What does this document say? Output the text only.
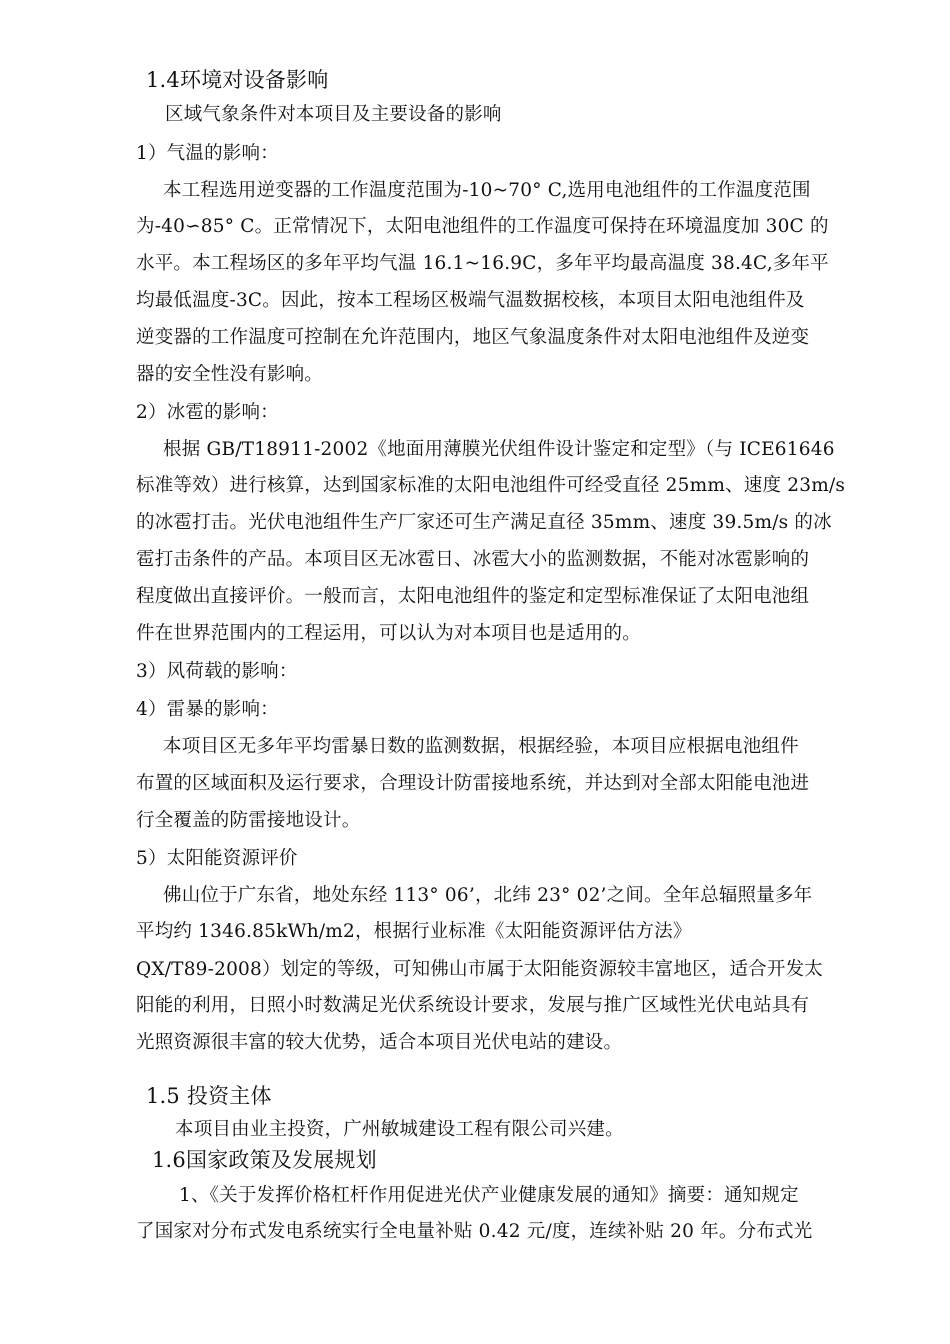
1.4环境对设备影响
区域气象条件对本项目及主要设备的影响
1）气温的影响：
本工程选用逆变器的工作温度范围为-10~70° C,选用电池组件的工作温度范围
为-40∽85° C。正常情况下，太阳电池组件的工作温度可保持在环境温度加 30C 的
水平。本工程场区的多年平均气温 16.1~16.9C，多年平均最高温度 38.4C,多年平
均最低温度-3C。因此，按本工程场区极端气温数据校核，本项目太阳电池组件及
逆变器的工作温度可控制在允许范围内，地区气象温度条件对太阳电池组件及逆变
器的安全性没有影响。
2）冰雹的影响：
根据 GB/T18911-2002《地面用薄膜光伏组件设计鉴定和定型》（与 ICE61646
标准等效）进行核算，达到国家标准的太阳电池组件可经受直径 25mm、速度 23m/s
的冰雹打击。光伏电池组件生产厂家还可生产满足直径 35mm、速度 39.5m/s 的冰
雹打击条件的产品。本项目区无冰雹日、冰雹大小的监测数据，不能对冰雹影响的
程度做出直接评价。一般而言，太阳电池组件的鉴定和定型标准保证了太阳电池组
件在世界范围内的工程运用，可以认为对本项目也是适用的。
3）风荷载的影响：
4）雷暴的影响：
本项目区无多年平均雷暴日数的监测数据，根据经验，本项目应根据电池组件
布置的区域面积及运行要求，合理设计防雷接地系统，并达到对全部太阳能电池进
行全覆盖的防雷接地设计。
5）太阳能资源评价
佛山位于广东省，地处东经 113° 06’，北纬 23° 02’之间。全年总辐照量多年
平均约 1346.85kWh/m2，根据行业标准《太阳能资源评估方法》
QX/T89-2008）划定的等级，可知佛山市属于太阳能资源较丰富地区，适合开发太
阳能的利用，日照小时数满足光伏系统设计要求，发展与推广区域性光伏电站具有
光照资源很丰富的较大优势，适合本项目光伏电站的建设。
1.5 投资主体
本项目由业主投资，广州敏城建设工程有限公司兴建。
1.6国家政策及发展规划
1、《关于发挥价格杠杆作用促进光伏产业健康发展的通知》摘要：通知规定
了国家对分布式发电系统实行全电量补贴 0.42 元/度，连续补贴 20 年。分布式光
